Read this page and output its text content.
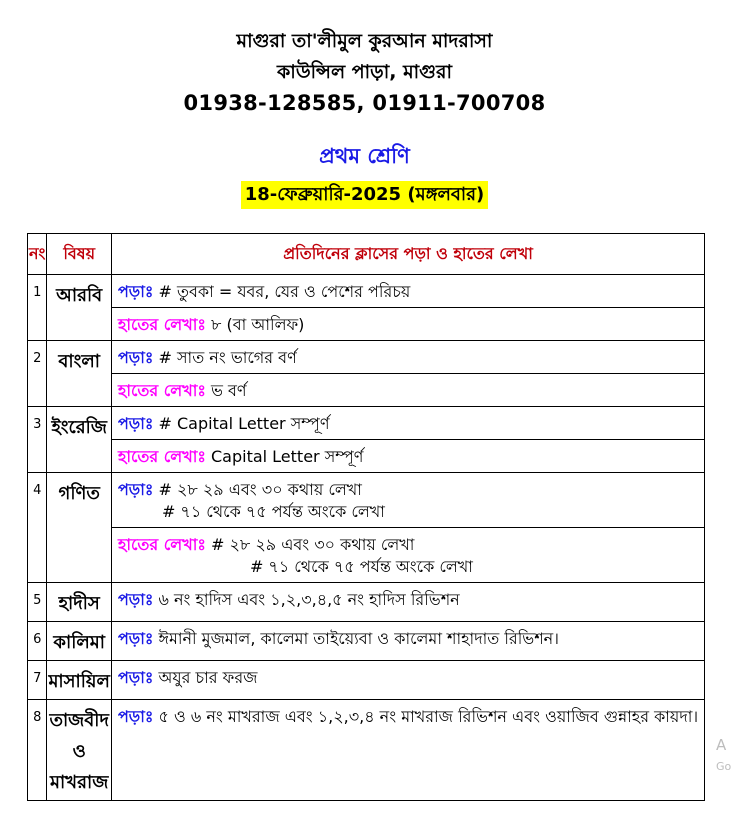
মাগুরা তা'লীমুল কুরআন মাদরাসা
কাউন্সিল পাড়া, মাগুরা
01938-128585, 01911-700708
প্রথম শ্রেণি
18-ফেব্রুয়ারি-2025 (মঙ্গলবার)
নং	বিষয়	প্রতিদিনের ক্লাসের পড়া ও হাতের লেখা
1	আরবি	পড়াঃ # তুবকা = যবর, যের ও পেশের পরিচয়
		হাতের লেখাঃ ৮ (বা আলিফ)
2	বাংলা	পড়াঃ # সাত নং ভাগের বর্ণ
		হাতের লেখাঃ ভ বর্ণ
3	ইংরেজি	পড়াঃ # Capital Letter সম্পূর্ণ
		হাতের লেখাঃ Capital Letter সম্পূর্ণ
4	গণিত	পড়াঃ # ২৮ ২৯ এবং ৩০ কথায় লেখা
# ৭১ থেকে ৭৫ পর্যন্ত অংকে লেখা

		হাতের লেখাঃ # ২৮ ২৯ এবং ৩০ কথায় লেখা
# ৭১ থেকে ৭৫ পর্যন্ত অংকে লেখা

5	হাদীস	পড়াঃ ৬ নং হাদিস এবং ১,২,৩,৪,৫ নং হাদিস রিভিশন
6	কালিমা	পড়াঃ ঈমানী মুজমাল, কালেমা তাইয়্যেবা ও কালেমা শাহাদাত রিভিশন।
7	মাসায়িল	পড়াঃ অযুর চার ফরজ
8	তাজবীদ ও মাখরাজ	পড়াঃ ৫ ও ৬ নং মাখরাজ এবং ১,২,৩,৪ নং মাখরাজ রিভিশন এবং ওয়াজিব গুন্নাহর কায়দা।
A
Go
